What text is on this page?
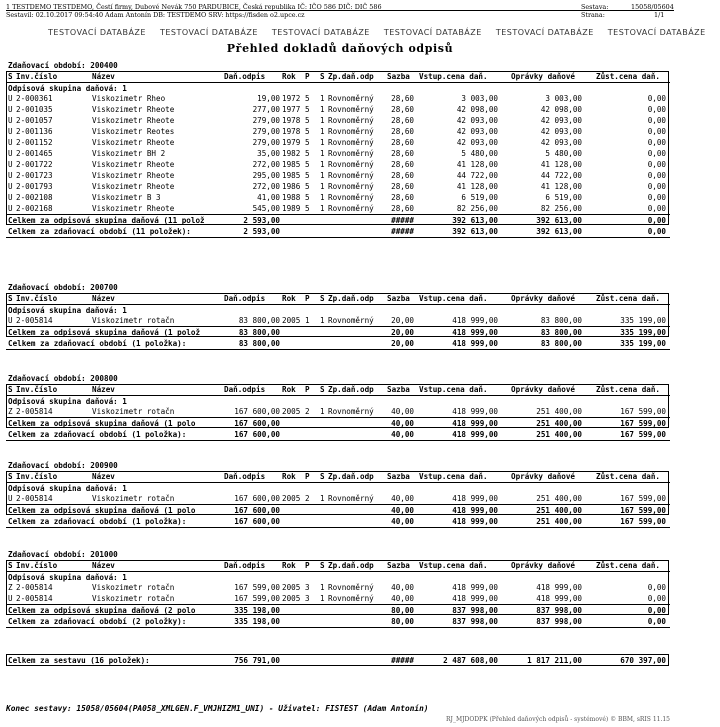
1 TESTDEMO TESTDEMO, Čestí firmy, Dubové Nevák 750 PARDUBICE, Česká republika IČ: IČO 586 DIČ: DIČ 586
Sestavil: 02.10.2017 09:54:40 Adam Antonín DB: TESTDEMO SRV: https://fisden o2.upce.cz
Sestava:	15058/05604
Strana:	1/1
TESTOVACÍ DATABÁZE TESTOVACÍ DATABÁZE TESTOVACÍ DATABÁZE TESTOVACÍ DATABÁZE TESTOVACÍ DATABÁZE TESTOVACÍ DATABÁZE
Přehled dokladů daňových odpisů
Zdaňovací období: 200400
S Inv.číslo	Název	Daň.odpis Rok P S Zp.daň.odp Sazba Vstup.cena daň.	Oprávky daňové	Zůst.cena daň.
Odpisová skupina daňová: 1
U 2-000361	Viskozimetr Rheo	19,00 1972 5	1 Rovnoměrný	28,60	3 003,00	3 003,00	0,00
U 2-001035	Viskozimetr Rheote	277,00 1977 5	1 Rovnoměrný	28,60	42 098,00	42 098,00	0,00
U 2-001057	Viskozimetr Rheote	279,00 1978 5	1 Rovnoměrný	28,60	42 093,00	42 093,00	0,00
U 2-001136	Viskozimetr Reotes	279,00 1978 5	1 Rovnoměrný	28,60	42 093,00	42 093,00	0,00
U 2-001152	Viskozimetr Rheote	279,00 1979 5	1 Rovnoměrný	28,60	42 093,00	42 093,00	0,00
U 2-001465	Viskozimetr BH 2	35,00 1982 5	1 Rovnoměrný	28,60	5 480,00	5 480,00	0,00
U 2-001722	Viskozimetr Rheote	272,00 1985 5	1 Rovnoměrný	28,60	41 128,00	41 128,00	0,00
U 2-001723	Viskozimetr Rheote	295,00 1985 5	1 Rovnoměrný	28,60	44 722,00	44 722,00	0,00
U 2-001793	Viskozimetr Rheote	272,00 1986 5	1 Rovnoměrný	28,60	41 128,00	41 128,00	0,00
U 2-002108	Viskozimetr B 3	41,00 1988 5	1 Rovnoměrný	28,60	6 519,00	6 519,00	0,00
U 2-002168	Viskozimetr Rheote	545,00 1989 5	1 Rovnoměrný	28,60	82 256,00	82 256,00	0,00
Celkem za odpisová skupina daňová (11 polož	2 593,00	#####	392 613,00	392 613,00	0,00
Celkem za zdaňovací období (11 položek):	2 593,00	#####	392 613,00	392 613,00	0,00
Zdaňovací období: 200700
S Inv.číslo	Název	Daň.odpis Rok P S Zp.daň.odp Sazba Vstup.cena daň.	Oprávky daňové	Zůst.cena daň.
Odpisová skupina daňová: 1
U 2-005814	Viskozimetr rotačn	83 800,00 2005 1	1 Rovnoměrný	20,00	418 999,00	83 800,00	335 199,00
Celkem za odpisová skupina daňová (1 polož	83 800,00	20,00	418 999,00	83 800,00	335 199,00
Celkem za zdaňovací období (1 položka):	83 800,00	20,00	418 999,00	83 800,00	335 199,00
Zdaňovací období: 200800
S Inv.číslo	Název	Daň.odpis Rok P S Zp.daň.odp Sazba Vstup.cena daň.	Oprávky daňové	Zůst.cena daň.
Odpisová skupina daňová: 1
Z 2-005814	Viskozimetr rotačn	167 600,00 2005 2	1 Rovnoměrný	40,00	418 999,00	251 400,00	167 599,00
Celkem za odpisová skupina daňová (1 polo	167 600,00	40,00	418 999,00	251 400,00	167 599,00
Celkem za zdaňovací období (1 položka):	167 600,00	40,00	418 999,00	251 400,00	167 599,00
Zdaňovací období: 200900
S Inv.číslo	Název	Daň.odpis Rok P S Zp.daň.odp Sazba Vstup.cena daň.	Oprávky daňové	Zůst.cena daň.
Odpisová skupina daňová: 1
U 2-005814	Viskozimetr rotačn	167 600,00 2005 2	1 Rovnoměrný	40,00	418 999,00	251 400,00	167 599,00
Celkem za odpisová skupina daňová (1 polo	167 600,00	40,00	418 999,00	251 400,00	167 599,00
Celkem za zdaňovací období (1 položka):	167 600,00	40,00	418 999,00	251 400,00	167 599,00
Zdaňovací období: 201000
S Inv.číslo	Název	Daň.odpis Rok P S Zp.daň.odp Sazba Vstup.cena daň.	Oprávky daňové	Zůst.cena daň.
Odpisová skupina daňová: 1
Z 2-005814	Viskozimetr rotačn	167 599,00 2005 3	1 Rovnoměrný	40,00	418 999,00	418 999,00	0,00
U 2-005814	Viskozimetr rotačn	167 599,00 2005 3	1 Rovnoměrný	40,00	418 999,00	418 999,00	0,00
Celkem za odpisová skupina daňová (2 polo	335 198,00	80,00	837 998,00	837 998,00	0,00
Celkem za zdaňovací období (2 položky):	335 198,00	80,00	837 998,00	837 998,00	0,00
Celkem za sestavu (16 položek):	756 791,00	#####	2 487 608,00	1 817 211,00	670 397,00
Konec sestavy: 15058/05604(PA058_XMLGEN.F_VMJHIZM1_UNI) - Uživatel: FISTEST (Adam Antonín)
RJ_MJDODPK (Přehled daňových odpisů - systémové) © BBM, sRIS 11.15
